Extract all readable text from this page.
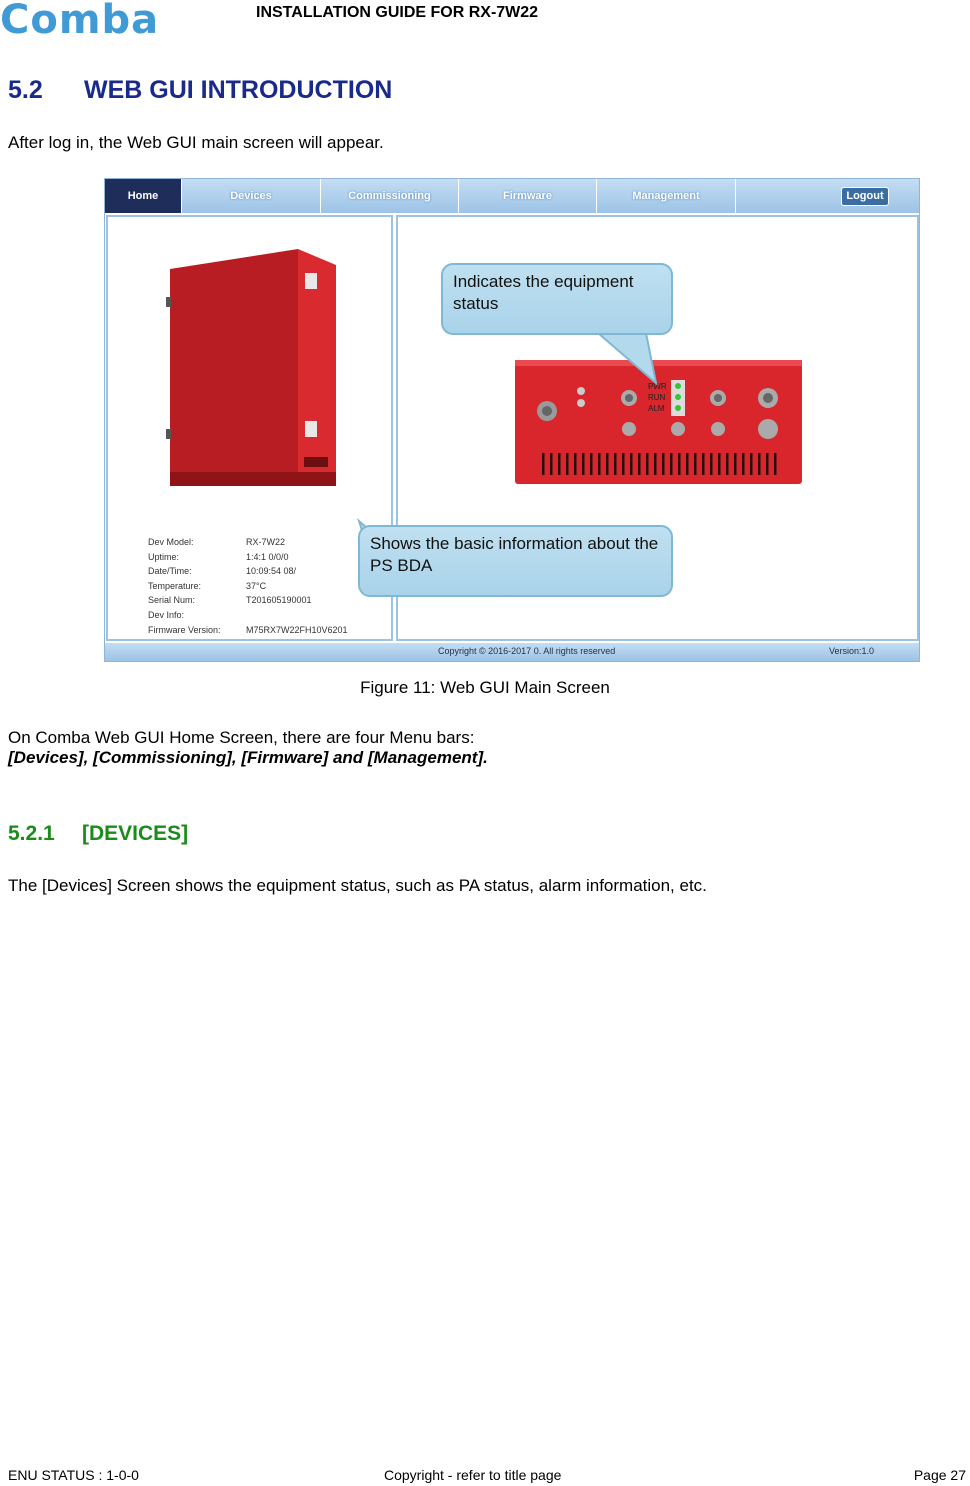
Comba	INSTALLATION GUIDE FOR RX-7W22
5.2 WEB GUI INTRODUCTION
After log in, the Web GUI main screen will appear.
Home	Devices	Commissioning	Firmware	Management	Logout
Dev Model:	RX-7W22
Uptime:	1:4:1 0/0/0
Date/Time:	10:09:54 08/
Temperature:	37°C
Serial Num:	T201605190001
Dev Info:
Firmware Version:	M75RX7W22FH10V6201
PWR
RUN
ALM
Indicates the equipment status
Shows the basic information about the PS BDA
Copyright © 2016-2017 0. All rights reserved	Version:1.0
Figure 11: Web GUI Main Screen
On Comba Web GUI Home Screen, there are four Menu bars:
[Devices], [Commissioning], [Firmware] and [Management].
5.2.1 [DEVICES]
The [Devices] Screen shows the equipment status, such as PA status, alarm information, etc.
ENU STATUS : 1-0-0	Copyright - refer to title page	Page 27
